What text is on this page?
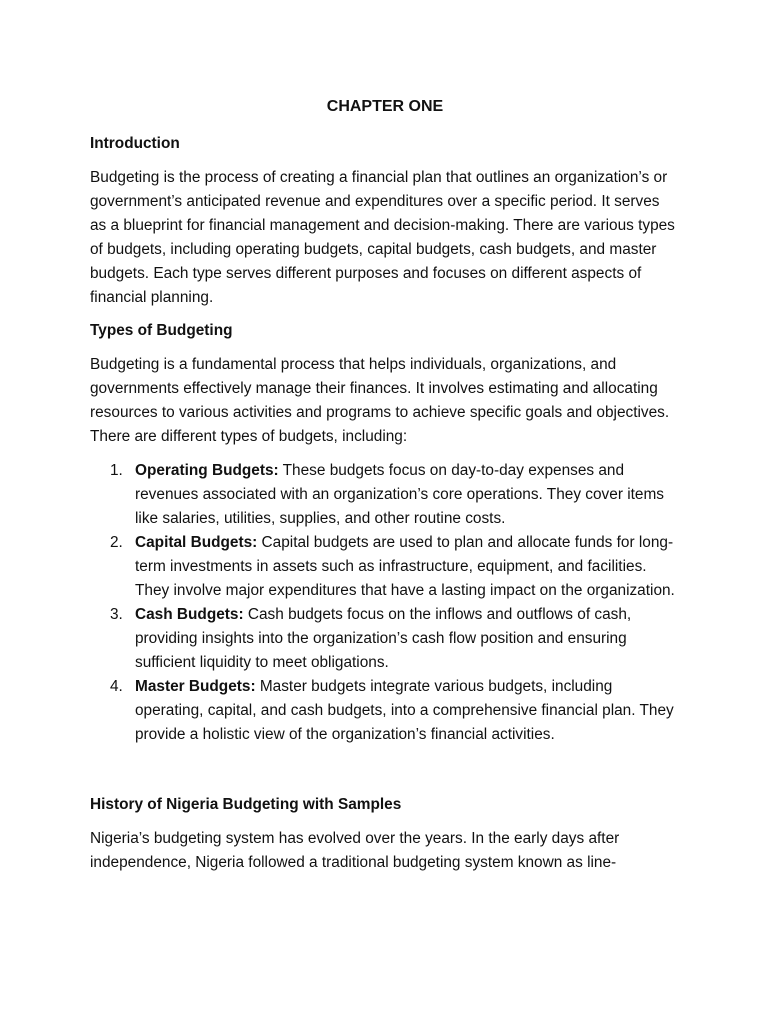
CHAPTER ONE
Introduction

Budgeting is the process of creating a financial plan that outlines an organization’s or government’s anticipated revenue and expenditures over a specific period. It serves as a blueprint for financial management and decision-making. There are various types of budgets, including operating budgets, capital budgets, cash budgets, and master budgets. Each type serves different purposes and focuses on different aspects of financial planning.

Types of Budgeting

Budgeting is a fundamental process that helps individuals, organizations, and governments effectively manage their finances. It involves estimating and allocating resources to various activities and programs to achieve specific goals and objectives. There are different types of budgets, including:

1. Operating Budgets: These budgets focus on day-to-day expenses and revenues associated with an organization’s core operations. They cover items like salaries, utilities, supplies, and other routine costs.
2. Capital Budgets: Capital budgets are used to plan and allocate funds for long-term investments in assets such as infrastructure, equipment, and facilities. They involve major expenditures that have a lasting impact on the organization.
3. Cash Budgets: Cash budgets focus on the inflows and outflows of cash, providing insights into the organization’s cash flow position and ensuring sufficient liquidity to meet obligations.
4. Master Budgets: Master budgets integrate various budgets, including operating, capital, and cash budgets, into a comprehensive financial plan. They provide a holistic view of the organization’s financial activities.
History of Nigeria Budgeting with Samples

Nigeria’s budgeting system has evolved over the years. In the early days after independence, Nigeria followed a traditional budgeting system known as line-
